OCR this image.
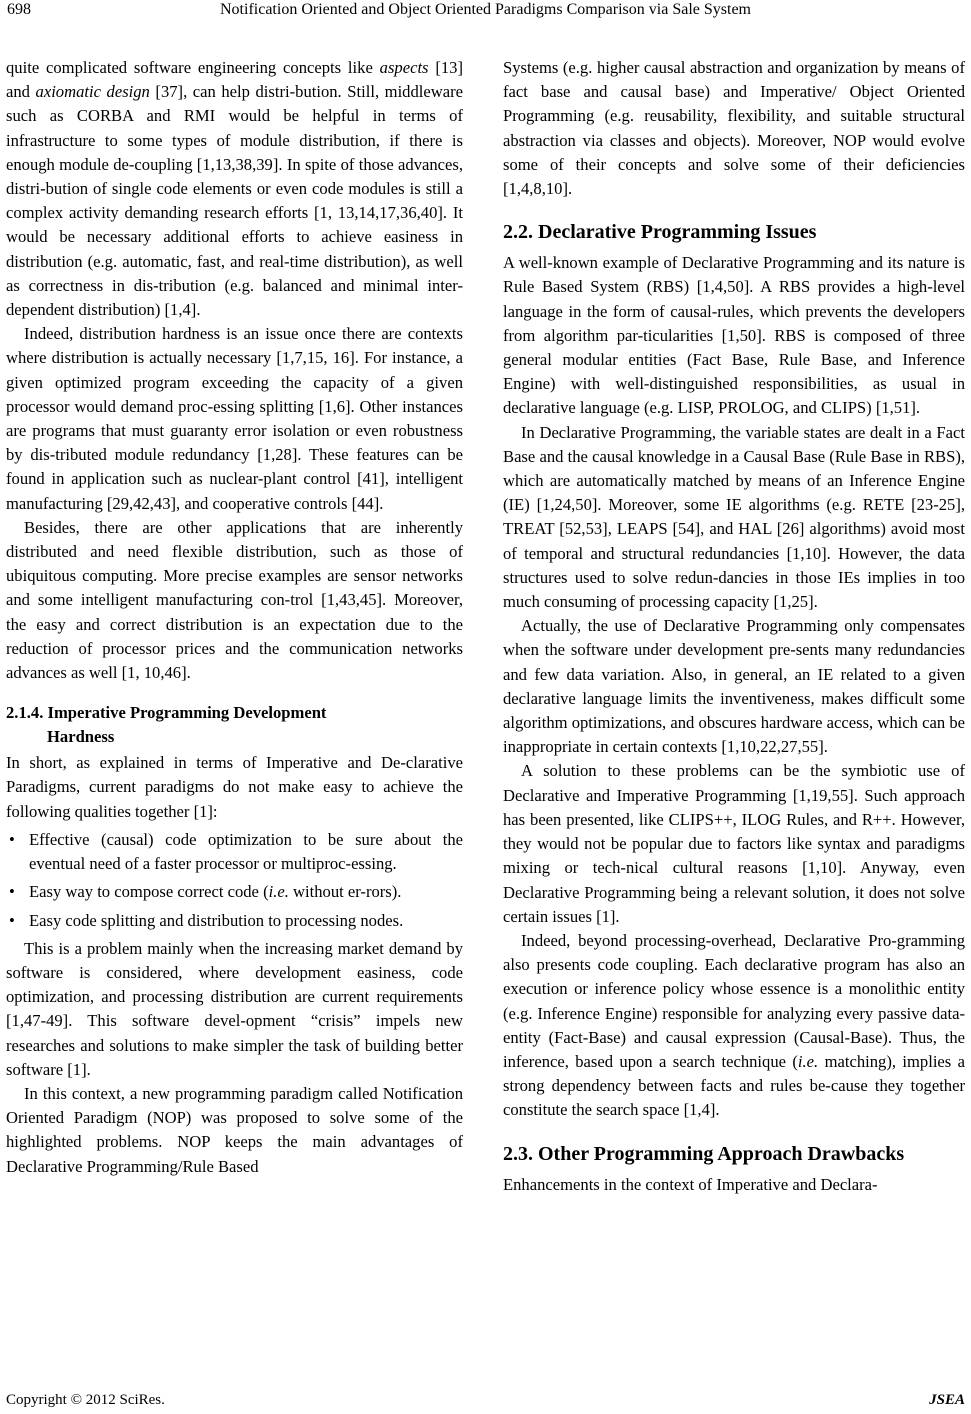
698	Notification Oriented and Object Oriented Paradigms Comparison via Sale System

quite complicated software engineering concepts like aspects [13] and axiomatic design [37], can help distri-bution. Still, middleware such as CORBA and RMI would be helpful in terms of infrastructure to some types of module distribution, if there is enough module de-coupling [1,13,38,39]. In spite of those advances, distri-bution of single code elements or even code modules is still a complex activity demanding research efforts [1, 13,14,17,36,40]. It would be necessary additional efforts to achieve easiness in distribution (e.g. automatic, fast, and real-time distribution), as well as correctness in dis-tribution (e.g. balanced and minimal inter-dependent distribution) [1,4].

Indeed, distribution hardness is an issue once there are contexts where distribution is actually necessary [1,7,15, 16]. For instance, a given optimized program exceeding the capacity of a given processor would demand proc-essing splitting [1,6]. Other instances are programs that must guaranty error isolation or even robustness by dis-tributed module redundancy [1,28]. These features can be found in application such as nuclear-plant control [41], intelligent manufacturing [29,42,43], and cooperative controls [44].

Besides, there are other applications that are inherently distributed and need flexible distribution, such as those of ubiquitous computing. More precise examples are sensor networks and some intelligent manufacturing con-trol [1,43,45]. Moreover, the easy and correct distribution is an expectation due to the reduction of processor prices and the communication networks advances as well [1, 10,46].

2.1.4. Imperative Programming Development
Hardness

In short, as explained in terms of Imperative and De-clarative Paradigms, current paradigms do not make easy to achieve the following qualities together [1]:

• Effective (causal) code optimization to be sure about the eventual need of a faster processor or multiproc-essing.
• Easy way to compose correct code (i.e. without er-rors).
• Easy code splitting and distribution to processing nodes.

This is a problem mainly when the increasing market demand by software is considered, where development easiness, code optimization, and processing distribution are current requirements [1,47-49]. This software devel-opment “crisis” impels new researches and solutions to make simpler the task of building better software [1].

In this context, a new programming paradigm called Notification Oriented Paradigm (NOP) was proposed to solve some of the highlighted problems. NOP keeps the main advantages of Declarative Programming/Rule Based

Systems (e.g. higher causal abstraction and organization by means of fact base and causal base) and Imperative/ Object Oriented Programming (e.g. reusability, flexibility, and suitable structural abstraction via classes and objects). Moreover, NOP would evolve some of their concepts and solve some of their deficiencies [1,4,8,10].

2.2. Declarative Programming Issues

A well-known example of Declarative Programming and its nature is Rule Based System (RBS) [1,4,50]. A RBS provides a high-level language in the form of causal-rules, which prevents the developers from algorithm par-ticularities [1,50]. RBS is composed of three general modular entities (Fact Base, Rule Base, and Inference Engine) with well-distinguished responsibilities, as usual in declarative language (e.g. LISP, PROLOG, and CLIPS) [1,51].

In Declarative Programming, the variable states are dealt in a Fact Base and the causal knowledge in a Causal Base (Rule Base in RBS), which are automatically matched by means of an Inference Engine (IE) [1,24,50]. Moreover, some IE algorithms (e.g. RETE [23-25], TREAT [52,53], LEAPS [54], and HAL [26] algorithms) avoid most of temporal and structural redundancies [1,10]. However, the data structures used to solve redun-dancies in those IEs implies in too much consuming of processing capacity [1,25].

Actually, the use of Declarative Programming only compensates when the software under development pre-sents many redundancies and few data variation. Also, in general, an IE related to a given declarative language limits the inventiveness, makes difficult some algorithm optimizations, and obscures hardware access, which can be inappropriate in certain contexts [1,10,22,27,55].

A solution to these problems can be the symbiotic use of Declarative and Imperative Programming [1,19,55]. Such approach has been presented, like CLIPS++, ILOG Rules, and R++. However, they would not be popular due to factors like syntax and paradigms mixing or tech-nical cultural reasons [1,10]. Anyway, even Declarative Programming being a relevant solution, it does not solve certain issues [1].

Indeed, beyond processing-overhead, Declarative Pro-gramming also presents code coupling. Each declarative program has also an execution or inference policy whose essence is a monolithic entity (e.g. Inference Engine) responsible for analyzing every passive data-entity (Fact-Base) and causal expression (Causal-Base). Thus, the inference, based upon a search technique (i.e. matching), implies a strong dependency between facts and rules be-cause they together constitute the search space [1,4].

2.3. Other Programming Approach Drawbacks

Enhancements in the context of Imperative and Declara-

Copyright © 2012 SciRes.	JSEA
